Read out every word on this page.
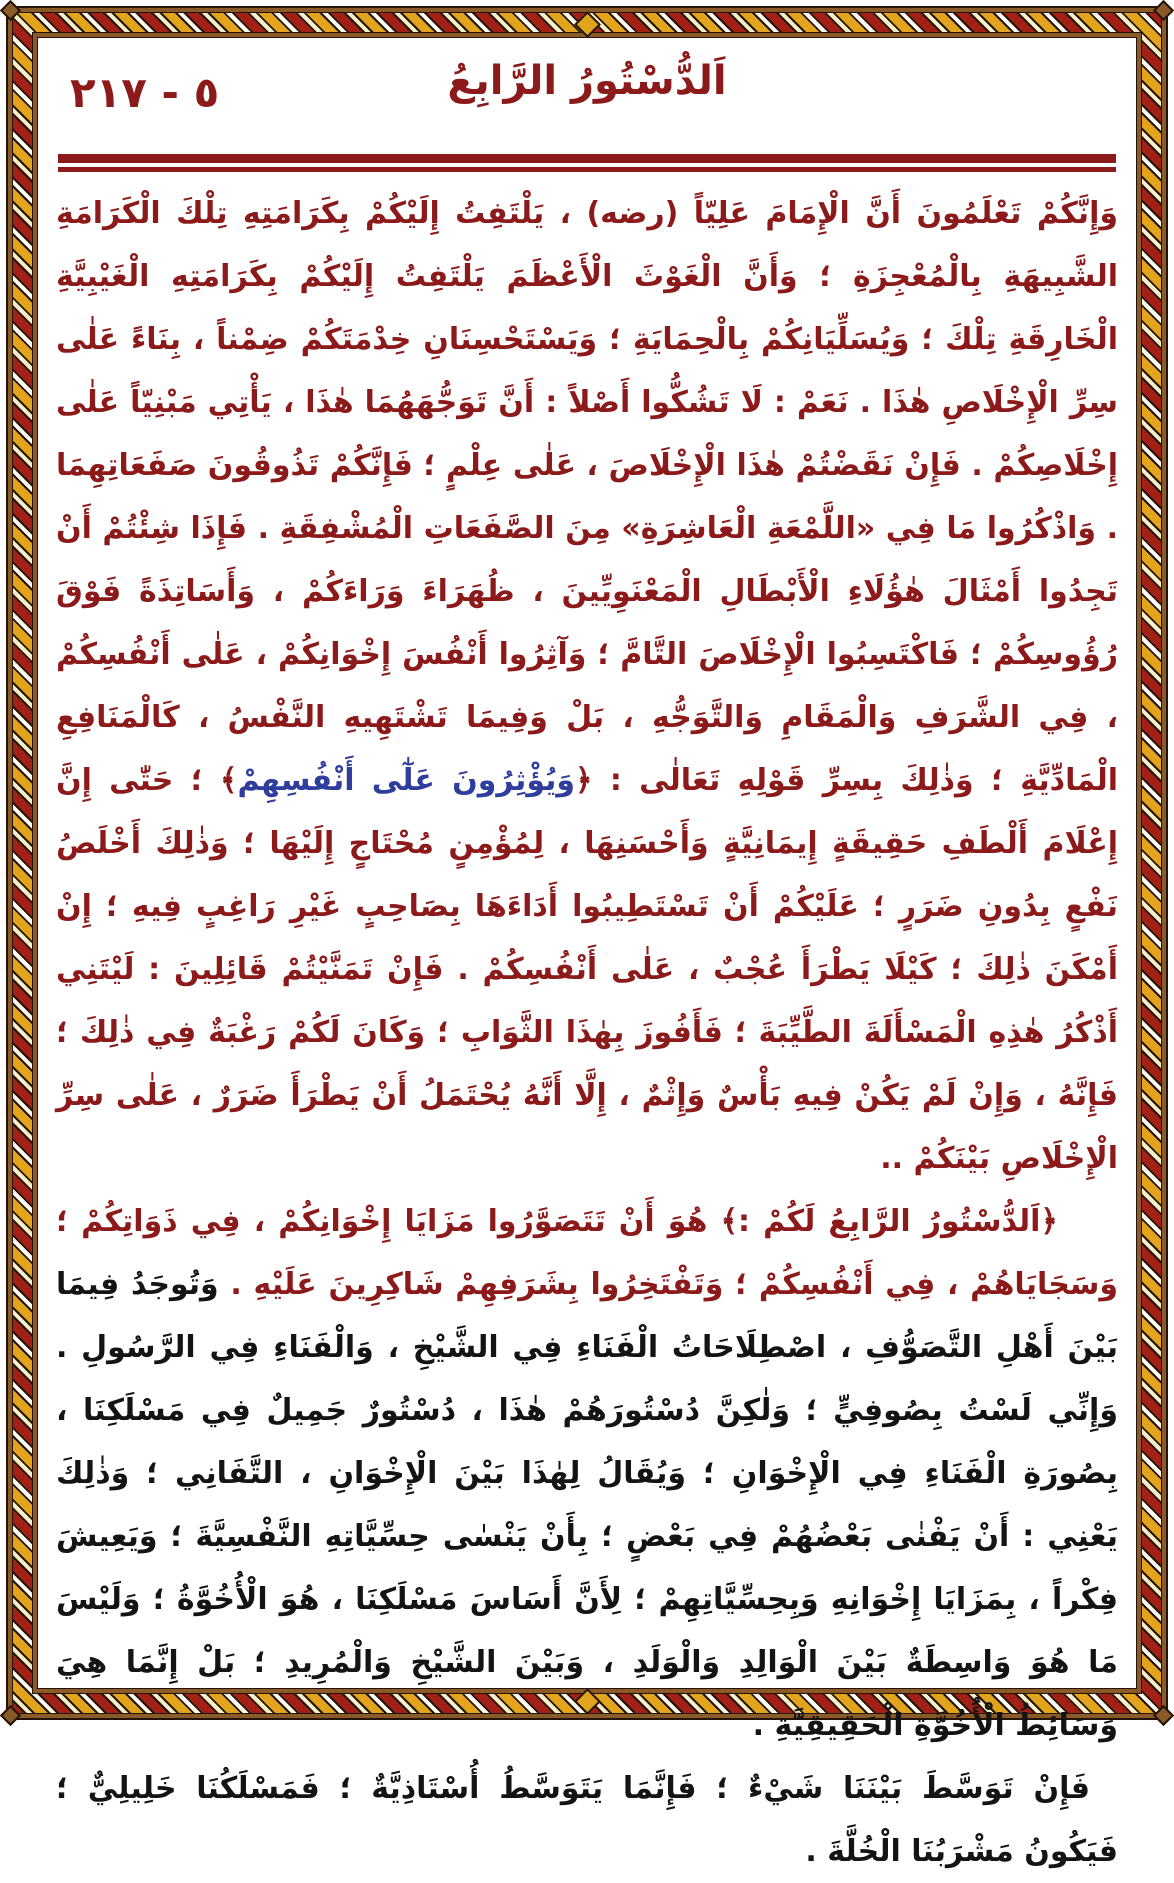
٥ - ٢١٧	اَلدُّسْتُورُ الرَّابِعُ

وَإِنَّكُمْ تَعْلَمُونَ أَنَّ الْإِمَامَ عَلِيّاً (رضه) ، يَلْتَفِتُ إِلَيْكُمْ بِكَرَامَتِهِ تِلْكَ الْكَرَامَةِ الشَّبِيهَةِ بِالْمُعْجِزَةِ ؛ وَأَنَّ الْغَوْثَ الْأَعْظَمَ يَلْتَفِتُ إِلَيْكُمْ بِكَرَامَتِهِ الْغَيْبِيَّةِ الْخَارِقَةِ تِلْكَ ؛ وَيُسَلِّيَانِكُمْ بِالْحِمَايَةِ ؛ وَيَسْتَحْسِنَانِ خِدْمَتَكُمْ ضِمْناً ، بِنَاءً عَلٰى سِرِّ الْإِخْلَاصِ هٰذَا . نَعَمْ : لَا تَشُكُّوا أَصْلاً : أَنَّ تَوَجُّهَهُمَا هٰذَا ، يَأْتِي مَبْنِيّاً عَلٰى إِخْلَاصِكُمْ . فَإِنْ نَقَضْتُمْ هٰذَا الْإِخْلَاصَ ، عَلٰى عِلْمٍ ؛ فَإِنَّكُمْ تَذُوقُونَ صَفَعَاتِهِمَا . وَاذْكُرُوا مَا فِي «اللَّمْعَةِ الْعَاشِرَةِ» مِنَ الصَّفَعَاتِ الْمُشْفِقَةِ . فَإِذَا شِئْتُمْ أَنْ تَجِدُوا أَمْثَالَ هٰؤُلَاءِ الْأَبْطَالِ الْمَعْنَوِيِّينَ ، ظُهَرَاءَ وَرَاءَكُمْ ، وَأَسَاتِذَةً فَوْقَ رُؤُوسِكُمْ ؛ فَاكْتَسِبُوا الْإِخْلَاصَ التَّامَّ ؛ وَآثِرُوا أَنْفُسَ إِخْوَانِكُمْ ، عَلٰى أَنْفُسِكُمْ ، فِي الشَّرَفِ وَالْمَقَامِ وَالتَّوَجُّهِ ، بَلْ وَفِيمَا تَشْتَهِيهِ النَّفْسُ ، كَالْمَنَافِعِ الْمَادِّيَّةِ ؛ وَذٰلِكَ بِسِرِّ قَوْلِهِ تَعَالٰى : ﴿وَيُؤْثِرُونَ عَلٰٓى أَنْفُسِهِمْ﴾ ؛ حَتّٰى إِنَّ إِعْلَامَ أَلْطَفِ حَقِيقَةٍ إِيمَانِيَّةٍ وَأَحْسَنِهَا ، لِمُؤْمِنٍ مُحْتَاجٍ إِلَيْهَا ؛ وَذٰلِكَ أَخْلَصُ نَفْعٍ بِدُونِ ضَرَرٍ ؛ عَلَيْكُمْ أَنْ تَسْتَطِيبُوا أَدَاءَهَا بِصَاحِبٍ غَيْرِ رَاغِبٍ فِيهِ ؛ إِنْ أَمْكَنَ ذٰلِكَ ؛ كَيْلَا يَطْرَأَ عُجْبٌ ، عَلٰى أَنْفُسِكُمْ . فَإِنْ تَمَنَّيْتُمْ قَائِلِينَ : لَيْتَنِي أَذْكُرُ هٰذِهِ الْمَسْأَلَةَ الطَّيِّبَةَ ؛ فَأَفُوزَ بِهٰذَا الثَّوَابِ ؛ وَكَانَ لَكُمْ رَغْبَةٌ فِي ذٰلِكَ ؛ فَإِنَّهُ ، وَإِنْ لَمْ يَكُنْ فِيهِ بَأْسٌ وَإِثْمٌ ، إِلَّا أَنَّهُ يُحْتَمَلُ أَنْ يَطْرَأَ ضَرَرٌ ، عَلٰى سِرِّ الْإِخْلَاصِ بَيْنَكُمْ ..

﴿اَلدُّسْتُورُ الرَّابِعُ لَكُمْ :﴾ هُوَ أَنْ تَتَصَوَّرُوا مَزَايَا إِخْوَانِكُمْ ، فِي ذَوَاتِكُمْ ؛ وَسَجَايَاهُمْ ، فِي أَنْفُسِكُمْ ؛ وَتَفْتَخِرُوا بِشَرَفِهِمْ شَاكِرِينَ عَلَيْهِ . وَتُوجَدُ فِيمَا بَيْنَ أَهْلِ التَّصَوُّفِ ، اصْطِلَاحَاتُ الْفَنَاءِ فِي الشَّيْخِ ، وَالْفَنَاءِ فِي الرَّسُولِ . وَإِنِّي لَسْتُ بِصُوفِيٍّ ؛ وَلٰكِنَّ دُسْتُورَهُمْ هٰذَا ، دُسْتُورٌ جَمِيلٌ فِي مَسْلَكِنَا ، بِصُورَةِ الْفَنَاءِ فِي الْإِخْوَانِ ؛ وَيُقَالُ لِهٰذَا بَيْنَ الْإِخْوَانِ ، التَّفَانِي ؛ وَذٰلِكَ يَعْنِي : أَنْ يَفْنٰى بَعْضُهُمْ فِي بَعْضٍ ؛ بِأَنْ يَنْسٰى حِسِّيَّاتِهِ النَّفْسِيَّةَ ؛ وَيَعِيشَ فِكْراً ، بِمَزَايَا إِخْوَانِهِ وَبِحِسِّيَّاتِهِمْ ؛ لِأَنَّ أَسَاسَ مَسْلَكِنَا ، هُوَ الْأُخُوَّةُ ؛ وَلَيْسَ مَا هُوَ وَاسِطَةٌ بَيْنَ الْوَالِدِ وَالْوَلَدِ ، وَبَيْنَ الشَّيْخِ وَالْمُرِيدِ ؛ بَلْ إِنَّمَا هِيَ وَسَائِطُ الْأُخُوَّةِ الْحَقِيقِيَّةِ .

فَإِنْ تَوَسَّطَ بَيْنَنَا شَيْءٌ ؛ فَإِنَّمَا يَتَوَسَّطُ أُسْتَاذِيَّةٌ ؛ فَمَسْلَكُنَا خَلِيلِيٌّ ؛ فَيَكُونُ مَشْرَبُنَا الْخُلَّةَ .
